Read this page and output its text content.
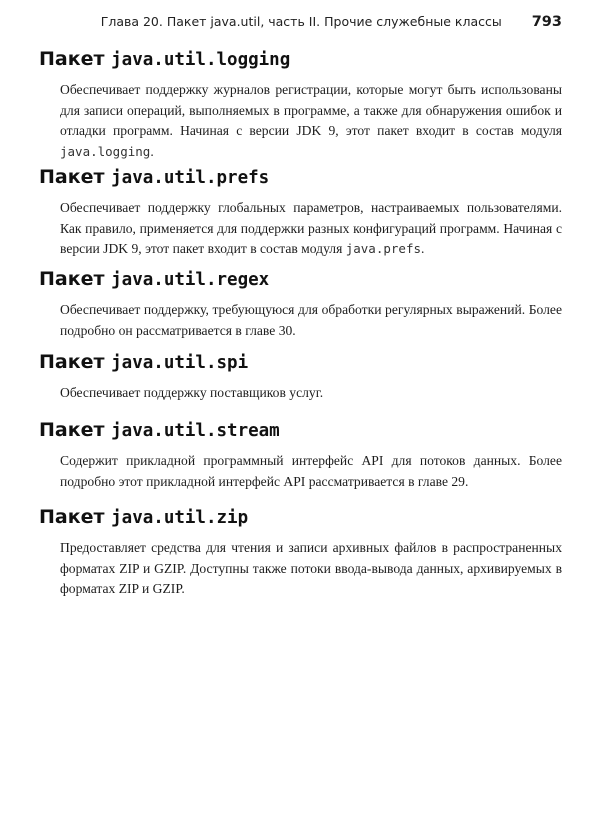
Глава 20. Пакет java.util, часть II. Прочие служебные классы 793
Пакет java.util.logging

Обеспечивает поддержку журналов регистрации, которые могут быть использованы для записи операций, выполняемых в программе, а также для обнаружения ошибок и отладки программ. Начиная с версии JDK 9, этот пакет входит в состав модуля java.logging.

Пакет java.util.prefs

Обеспечивает поддержку глобальных параметров, настраиваемых пользователями. Как правило, применяется для поддержки разных конфигураций программ. Начиная с версии JDK 9, этот пакет входит в состав модуля java.prefs.

Пакет java.util.regex

Обеспечивает поддержку, требующуюся для обработки регулярных выражений. Более подробно он рассматривается в главе 30.

Пакет java.util.spi

Обеспечивает поддержку поставщиков услуг.

Пакет java.util.stream

Содержит прикладной программный интерфейс API для потоков данных. Более подробно этот прикладной интерфейс API рассматривается в главе 29.

Пакет java.util.zip

Предоставляет средства для чтения и записи архивных файлов в распространенных форматах ZIP и GZIP. Доступны также потоки ввода-вывода данных, архивируемых в форматах ZIP и GZIP.
